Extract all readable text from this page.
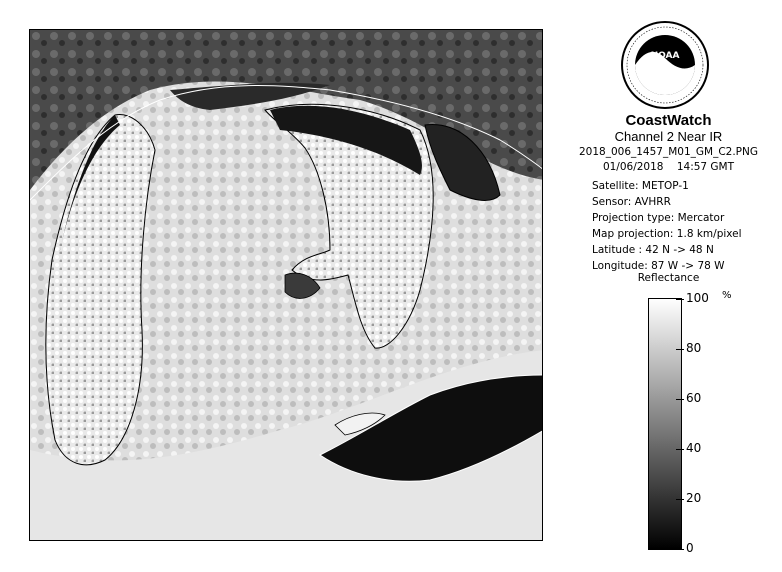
NOAA
CoastWatch
Channel 2 Near IR
2018_006_1457_M01_GM_C2.PNG
01/06/2018 14:57 GMT
Satellite: METOP-1
Sensor: AVHRR
Projection type: Mercator
Map projection: 1.8 km/pixel
Latitude : 42 N -> 48 N
Longitude: 87 W -> 78 W
Reflectance
%
100
80
60
40
20
0
